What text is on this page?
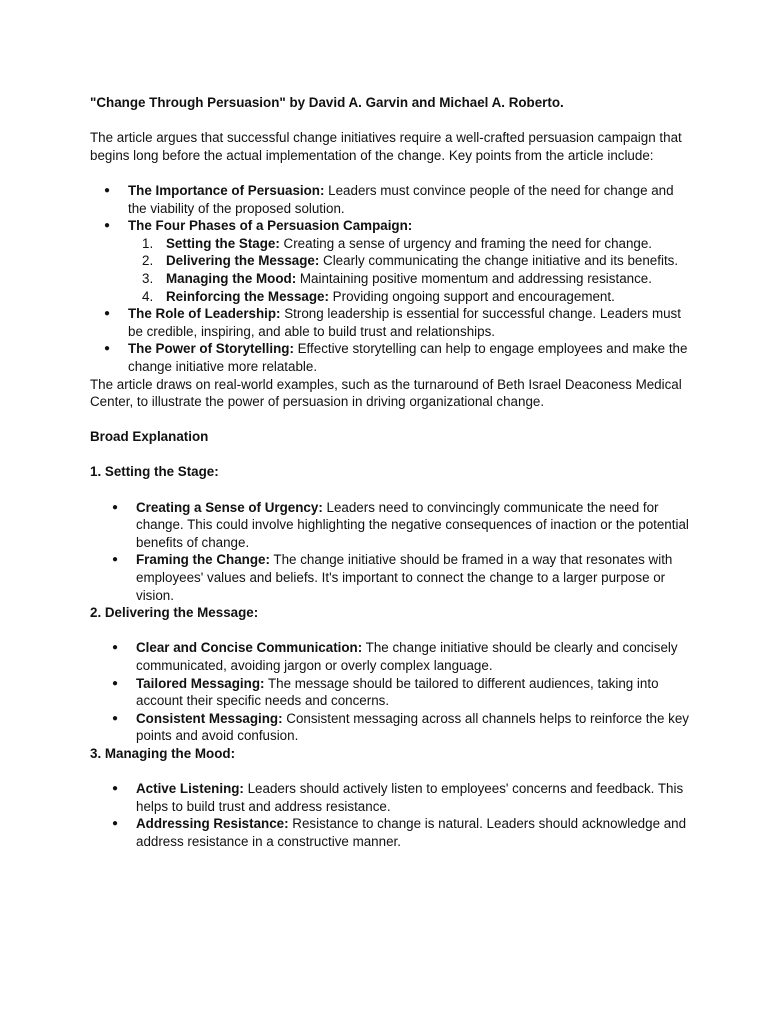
"Change Through Persuasion" by David A. Garvin and Michael A. Roberto.

The article argues that successful change initiatives require a well-crafted persuasion campaign that begins long before the actual implementation of the change. Key points from the article include:

● The Importance of Persuasion: Leaders must convince people of the need for change and the viability of the proposed solution.
● The Four Phases of a Persuasion Campaign:
1. Setting the Stage: Creating a sense of urgency and framing the need for change.
2. Delivering the Message: Clearly communicating the change initiative and its benefits.
3. Managing the Mood: Maintaining positive momentum and addressing resistance.
4. Reinforcing the Message: Providing ongoing support and encouragement.
● The Role of Leadership: Strong leadership is essential for successful change. Leaders must be credible, inspiring, and able to build trust and relationships.
● The Power of Storytelling: Effective storytelling can help to engage employees and make the change initiative more relatable.

The article draws on real-world examples, such as the turnaround of Beth Israel Deaconess Medical Center, to illustrate the power of persuasion in driving organizational change.

Broad Explanation

1. Setting the Stage:

● Creating a Sense of Urgency: Leaders need to convincingly communicate the need for change. This could involve highlighting the negative consequences of inaction or the potential benefits of change.
● Framing the Change: The change initiative should be framed in a way that resonates with employees' values and beliefs. It's important to connect the change to a larger purpose or vision.

2. Delivering the Message:

● Clear and Concise Communication: The change initiative should be clearly and concisely communicated, avoiding jargon or overly complex language.
● Tailored Messaging: The message should be tailored to different audiences, taking into account their specific needs and concerns.
● Consistent Messaging: Consistent messaging across all channels helps to reinforce the key points and avoid confusion.

3. Managing the Mood:

● Active Listening: Leaders should actively listen to employees' concerns and feedback. This helps to build trust and address resistance.
● Addressing Resistance: Resistance to change is natural. Leaders should acknowledge and address resistance in a constructive manner.
